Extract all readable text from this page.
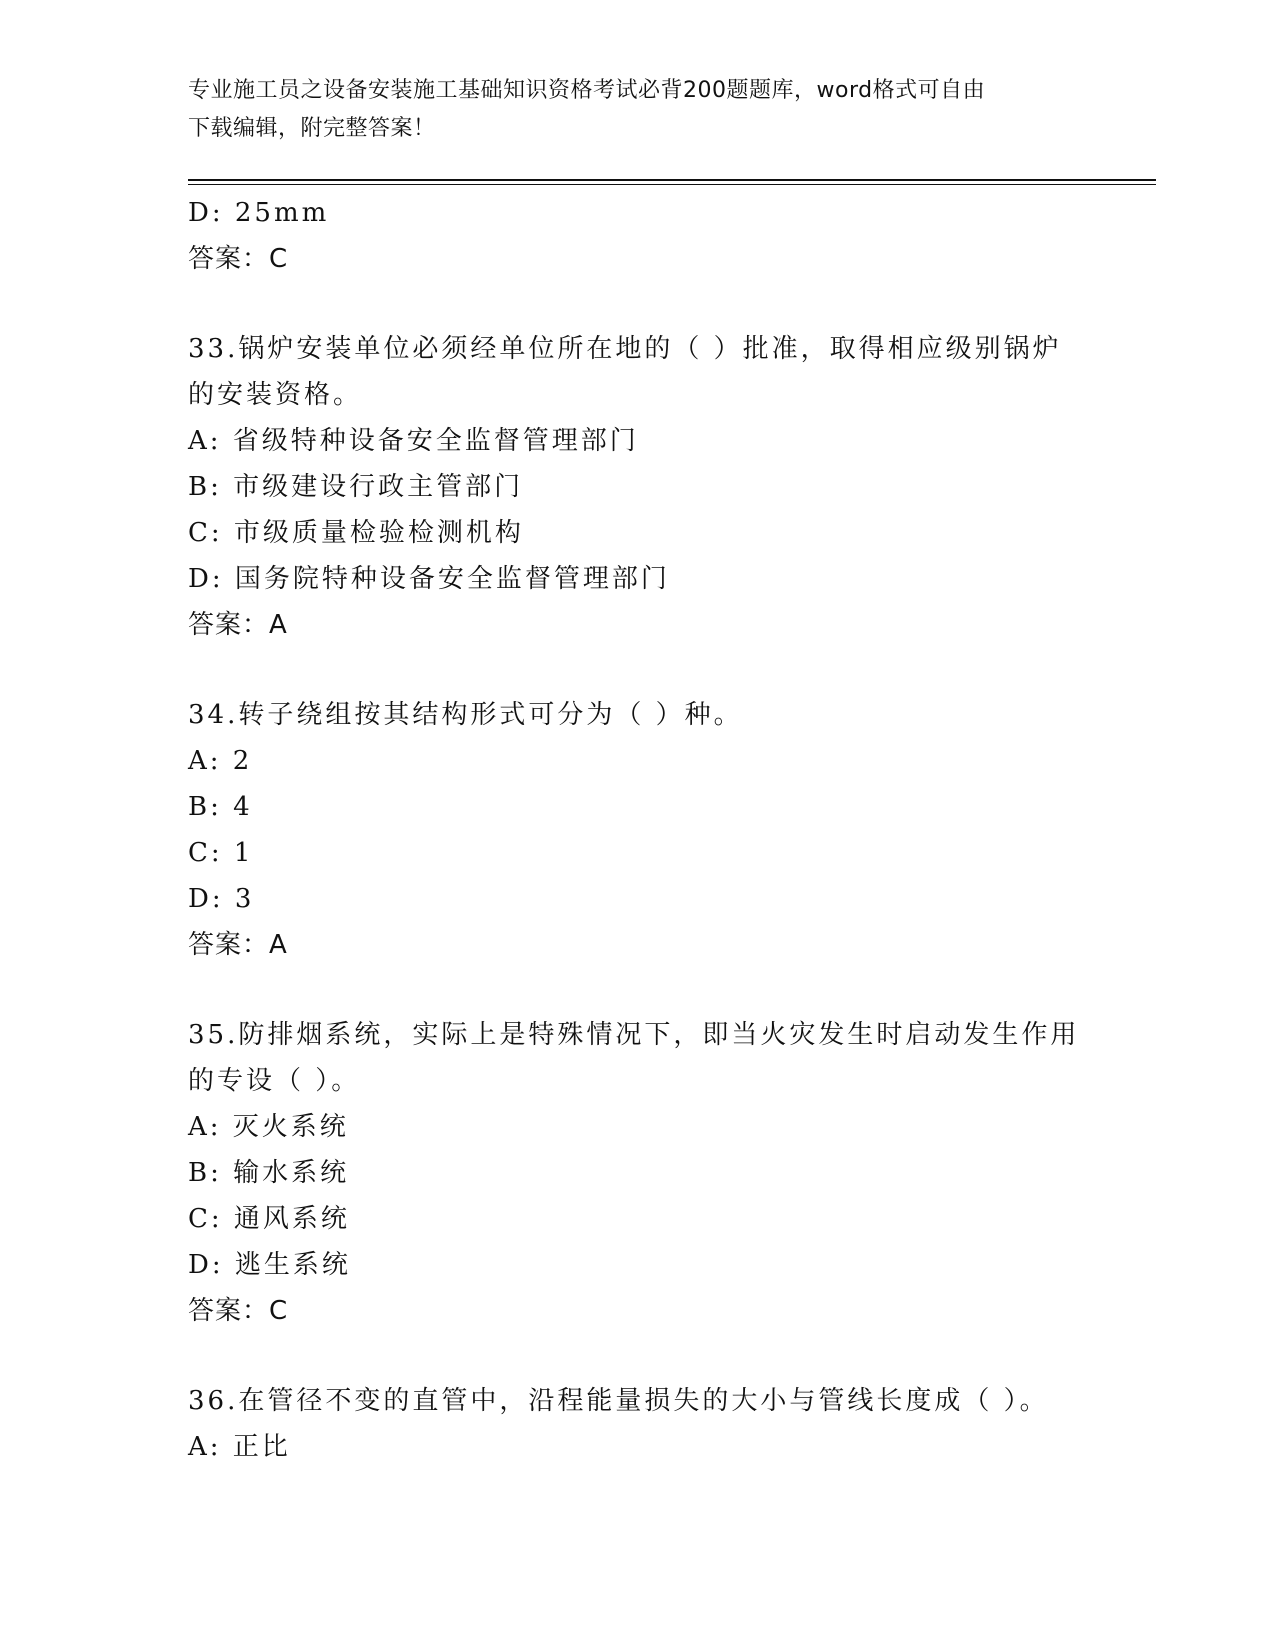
专业施工员之设备安装施工基础知识资格考试必背200题题库，word格式可自由
下载编辑，附完整答案！
D: 25mm
答案：C
33.锅炉安装单位必须经单位所在地的（ ）批准，取得相应级别锅炉
的安装资格。
A: 省级特种设备安全监督管理部门
B: 市级建设行政主管部门
C: 市级质量检验检测机构
D: 国务院特种设备安全监督管理部门
答案：A
34.转子绕组按其结构形式可分为（ ）种。
A: 2
B: 4
C: 1
D: 3
答案：A
35.防排烟系统，实际上是特殊情况下，即当火灾发生时启动发生作用
的专设（ ）。
A: 灭火系统
B: 输水系统
C: 通风系统
D: 逃生系统
答案：C
36.在管径不变的直管中，沿程能量损失的大小与管线长度成（ ）。
A: 正比
